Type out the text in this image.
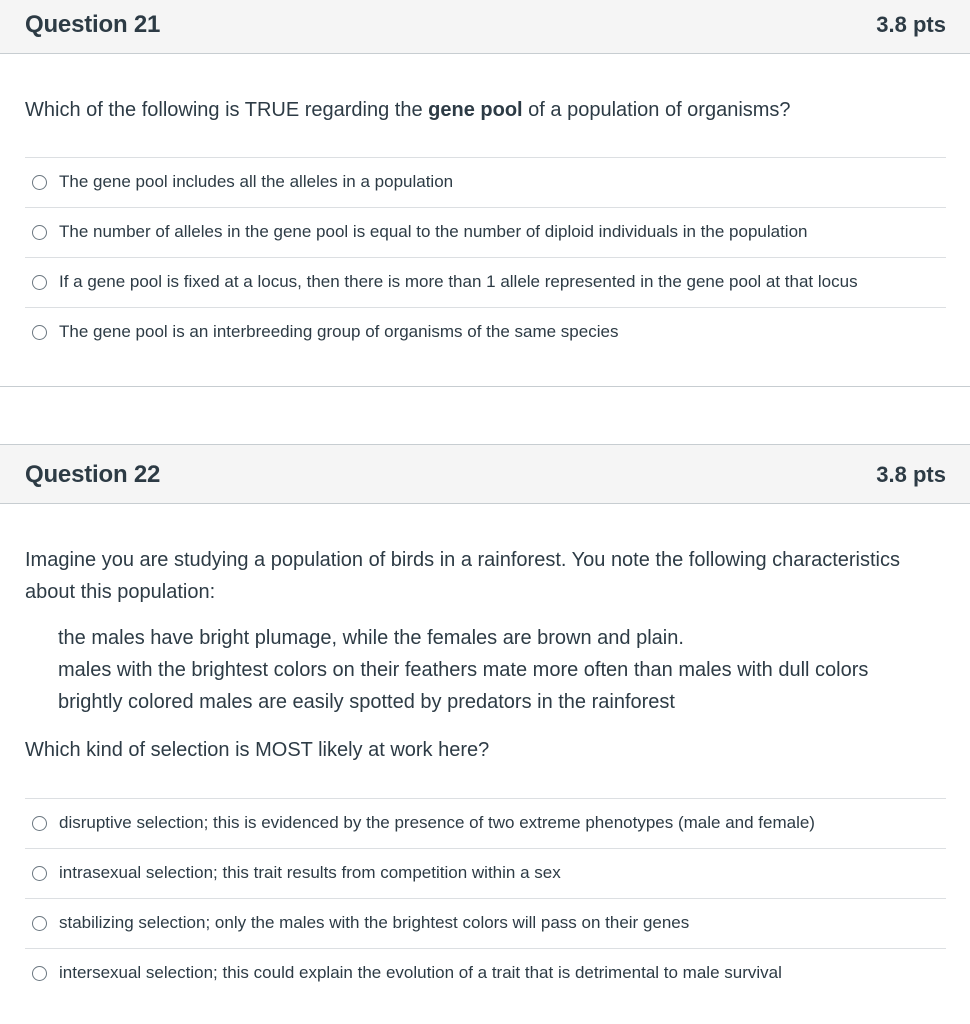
Question 21	3.8 pts
Which of the following is TRUE regarding the gene pool of a population of organisms?
The gene pool includes all the alleles in a population
The number of alleles in the gene pool is equal to the number of diploid individuals in the population
If a gene pool is fixed at a locus, then there is more than 1 allele represented in the gene pool at that locus
The gene pool is an interbreeding group of organisms of the same species
Question 22	3.8 pts
Imagine you are studying a population of birds in a rainforest. You note the following characteristics about this population:
the males have bright plumage, while the females are brown and plain.
males with the brightest colors on their feathers mate more often than males with dull colors
brightly colored males are easily spotted by predators in the rainforest
Which kind of selection is MOST likely at work here?
disruptive selection; this is evidenced by the presence of two extreme phenotypes (male and female)
intrasexual selection; this trait results from competition within a sex
stabilizing selection; only the males with the brightest colors will pass on their genes
intersexual selection; this could explain the evolution of a trait that is detrimental to male survival
